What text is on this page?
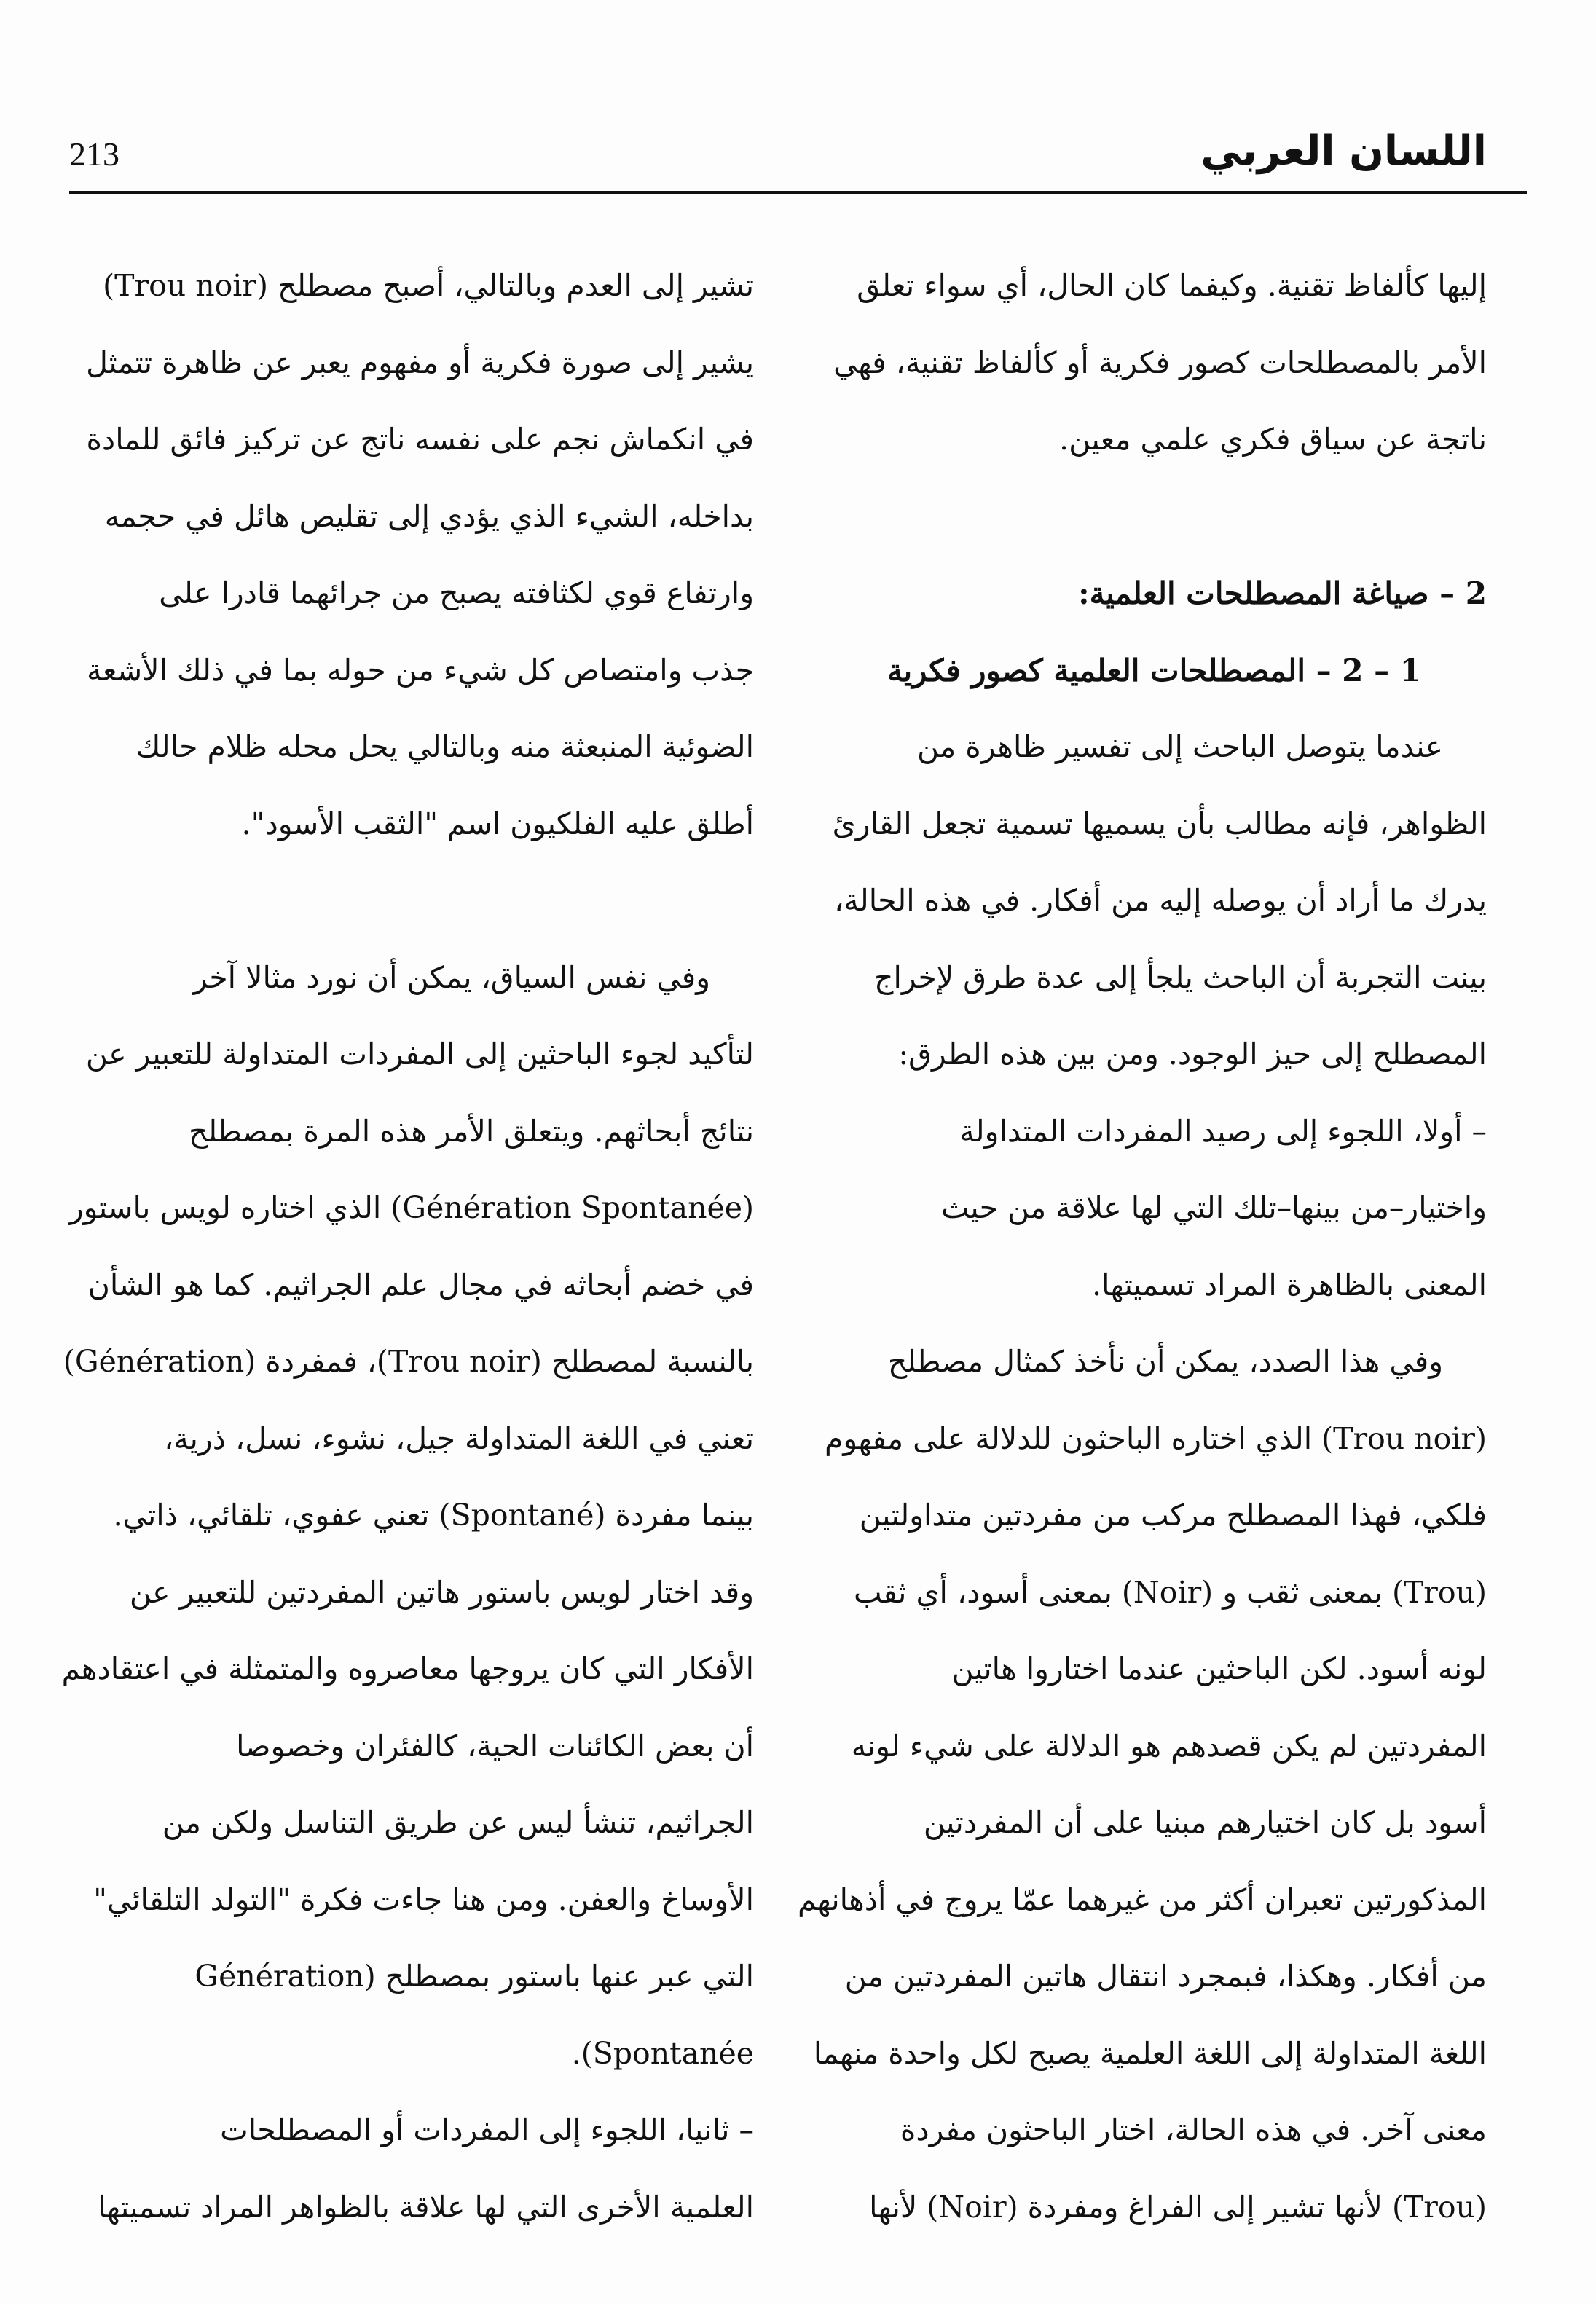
اللسان العربي
213
إليها كألفاظ تقنية. وكيفما كان الحال، أي سواء تعلق
الأمر بالمصطلحات كصور فكرية أو كألفاظ تقنية، فهي
ناتجة عن سياق فكري علمي معين.
2 – صياغة المصطلحات العلمية:
1 – 2 – المصطلحات العلمية كصور فكرية
عندما يتوصل الباحث إلى تفسير ظاهرة من
الظواهر، فإنه مطالب بأن يسميها تسمية تجعل القارئ
يدرك ما أراد أن يوصله إليه من أفكار. في هذه الحالة،
بينت التجربة أن الباحث يلجأ إلى عدة طرق لإخراج
المصطلح إلى حيز الوجود. ومن بين هذه الطرق:
– أولا، اللجوء إلى رصيد المفردات المتداولة
واختيار–من بينها–تلك التي لها علاقة من حيث
المعنى بالظاهرة المراد تسميتها.
وفي هذا الصدد، يمكن أن نأخذ كمثال مصطلح
(Trou noir) الذي اختاره الباحثون للدلالة على مفهوم
فلكي، فهذا المصطلح مركب من مفردتين متداولتين
(Trou) بمعنى ثقب و (Noir) بمعنى أسود، أي ثقب
لونه أسود. لكن الباحثين عندما اختاروا هاتين
المفردتين لم يكن قصدهم هو الدلالة على شيء لونه
أسود بل كان اختيارهم مبنيا على أن المفردتين
المذكورتين تعبران أكثر من غيرهما عمّا يروج في أذهانهم
من أفكار. وهكذا، فبمجرد انتقال هاتين المفردتين من
اللغة المتداولة إلى اللغة العلمية يصبح لكل واحدة منهما
معنى آخر. في هذه الحالة، اختار الباحثون مفردة
(Trou) لأنها تشير إلى الفراغ ومفردة (Noir) لأنها
تشير إلى العدم وبالتالي، أصبح مصطلح (Trou noir)
يشير إلى صورة فكرية أو مفهوم يعبر عن ظاهرة تتمثل
في انكماش نجم على نفسه ناتج عن تركيز فائق للمادة
بداخله، الشيء الذي يؤدي إلى تقليص هائل في حجمه
وارتفاع قوي لكثافته يصبح من جرائهما قادرا على
جذب وامتصاص كل شيء من حوله بما في ذلك الأشعة
الضوئية المنبعثة منه وبالتالي يحل محله ظلام حالك
أطلق عليه الفلكيون اسم "الثقب الأسود".
وفي نفس السياق، يمكن أن نورد مثالا آخر
لتأكيد لجوء الباحثين إلى المفردات المتداولة للتعبير عن
نتائج أبحاثهم. ويتعلق الأمر هذه المرة بمصطلح
(Génération Spontanée) الذي اختاره لويس باستور
في خضم أبحاثه في مجال علم الجراثيم. كما هو الشأن
بالنسبة لمصطلح (Trou noir)، فمفردة (Génération)
تعني في اللغة المتداولة جيل، نشوء، نسل، ذرية،
بينما مفردة (Spontané) تعني عفوي، تلقائي، ذاتي.
وقد اختار لويس باستور هاتين المفردتين للتعبير عن
الأفكار التي كان يروجها معاصروه والمتمثلة في اعتقادهم
أن بعض الكائنات الحية، كالفئران وخصوصا
الجراثيم، تنشأ ليس عن طريق التناسل ولكن من
الأوساخ والعفن. ومن هنا جاءت فكرة "التولد التلقائي"
التي عبر عنها باستور بمصطلح (Génération
Spontanée).
– ثانيا، اللجوء إلى المفردات أو المصطلحات
العلمية الأخرى التي لها علاقة بالظواهر المراد تسميتها
